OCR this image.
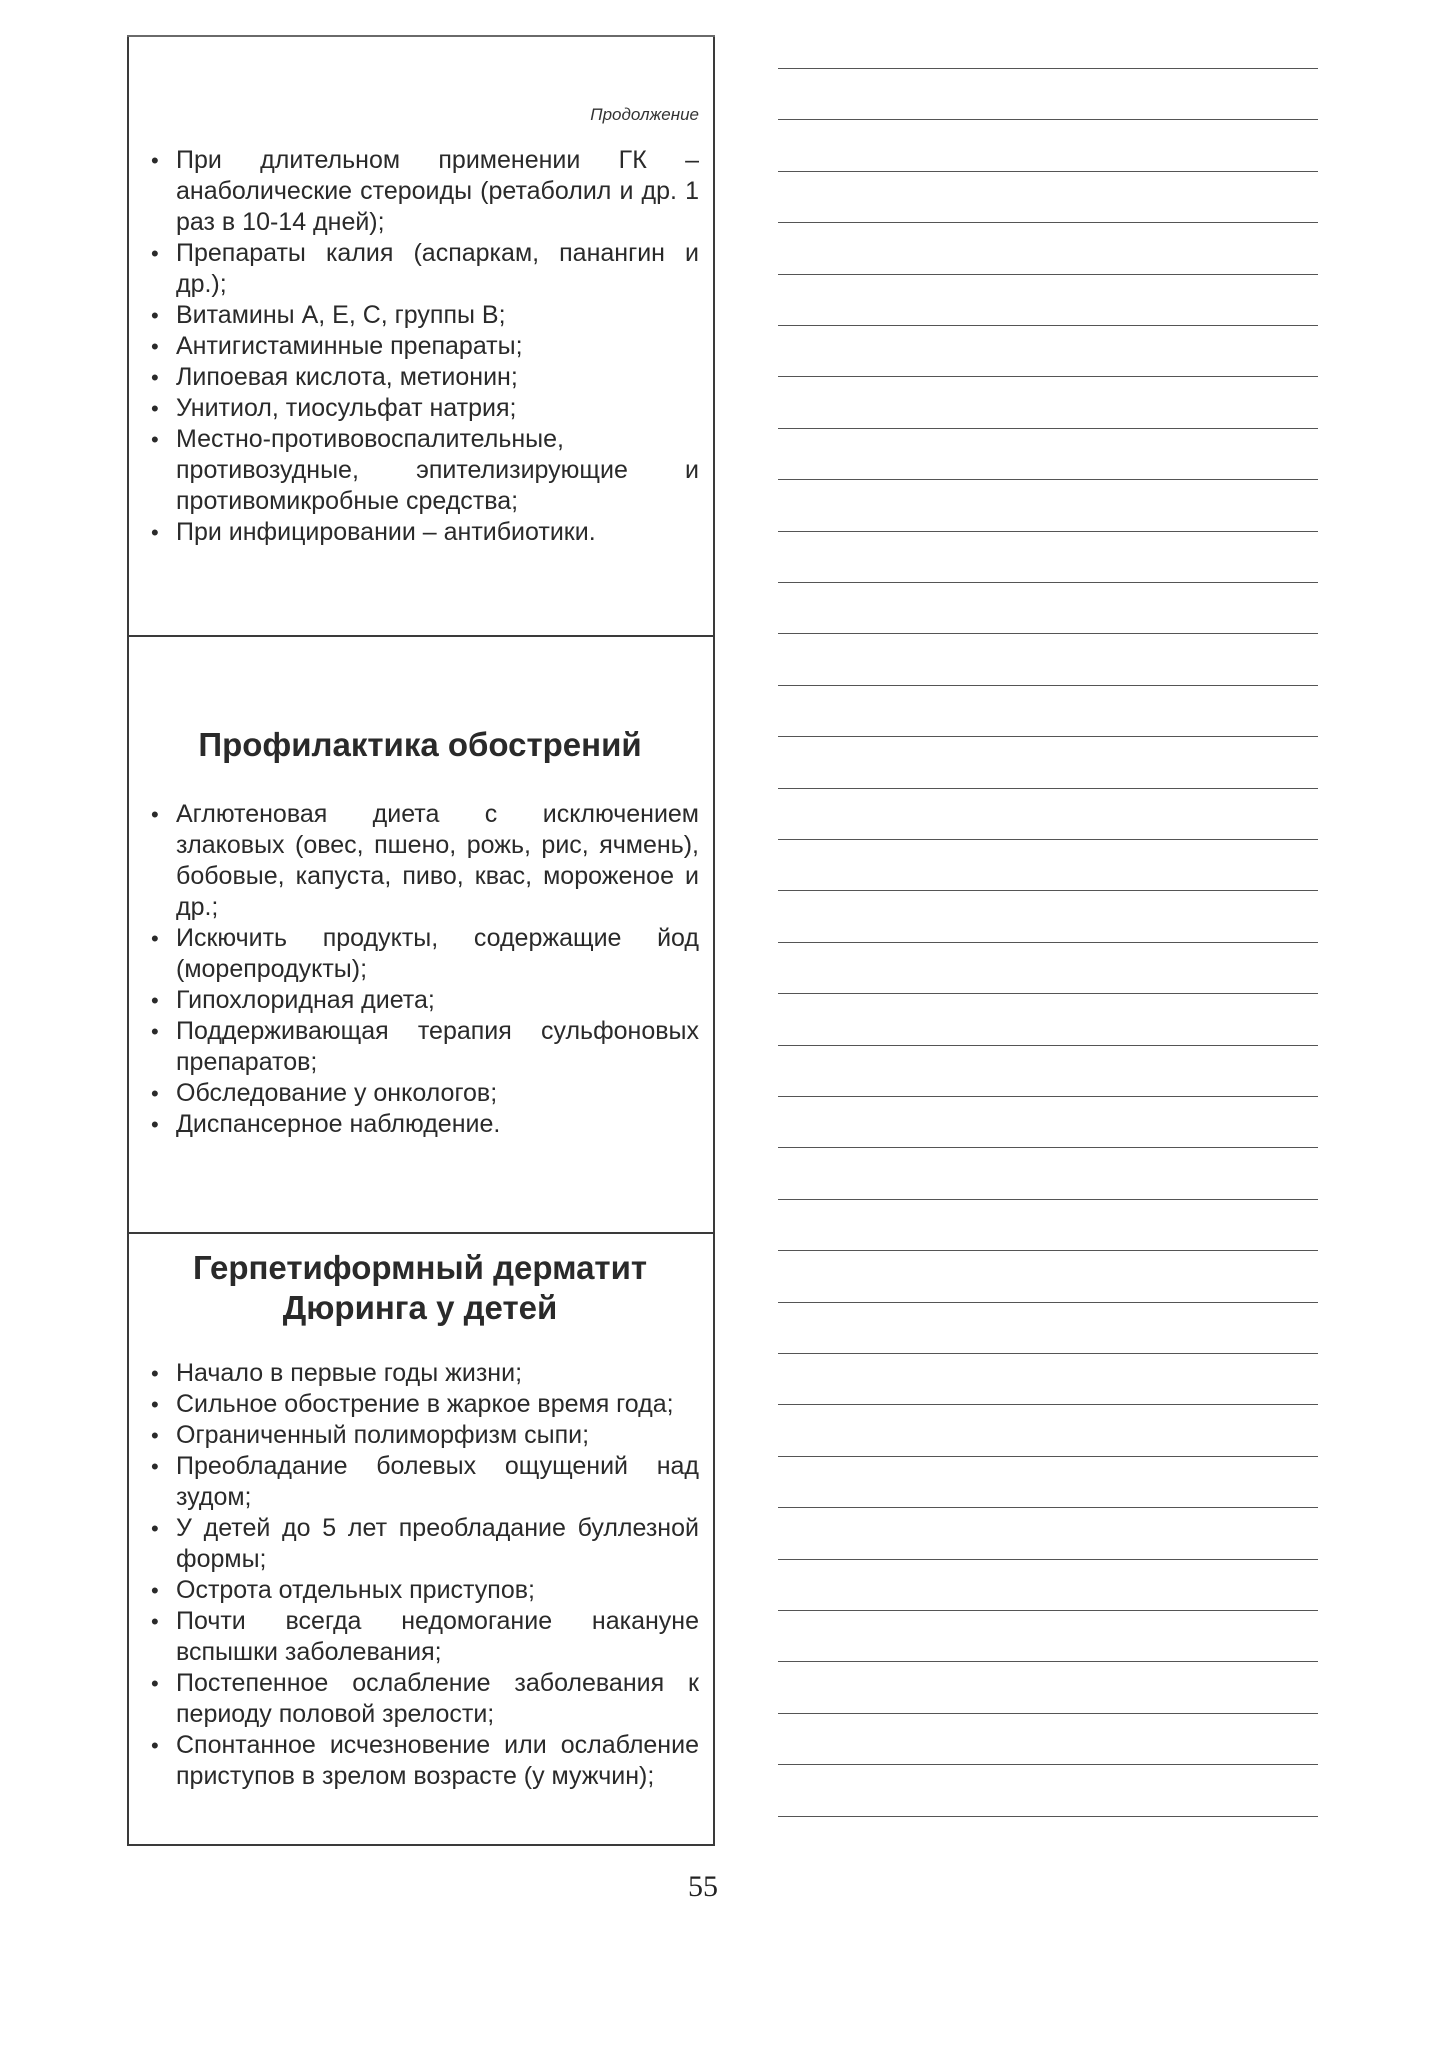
Продолжение
• При длительном применении ГК – анаболические стероиды (ретаболил и др. 1 раз в 10-14 дней);
• Препараты калия (аспаркам, панангин и др.);
• Витамины A, E, C, группы B;
• Антигистаминные препараты;
• Липоевая кислота, метионин;
• Унитиол, тиосульфат натрия;
• Местно-противовоспалительные, противозудные, эпителизирующие и противомикробные средства;
• При инфицировании – антибиотики.
Профилактика обострений
• Аглютеновая диета с исключением злаковых (овес, пшено, рожь, рис, ячмень), бобовые, капуста, пиво, квас, мороженое и др.;
• Искючить продукты, содержащие йод (морепродукты);
• Гипохлоридная диета;
• Поддерживающая терапия сульфоновых препаратов;
• Обследование у онкологов;
• Диспансерное наблюдение.
Герпетиформный дерматит
Дюринга у детей
• Начало в первые годы жизни;
• Сильное обострение в жаркое время года;
• Ограниченный полиморфизм сыпи;
• Преобладание болевых ощущений над зудом;
• У детей до 5 лет преобладание буллезной формы;
• Острота отдельных приступов;
• Почти всегда недомогание накануне вспышки заболевания;
• Постепенное ослабление заболевания к периоду половой зрелости;
• Спонтанное исчезновение или ослабление приступов в зрелом возрасте (у мужчин);
55
